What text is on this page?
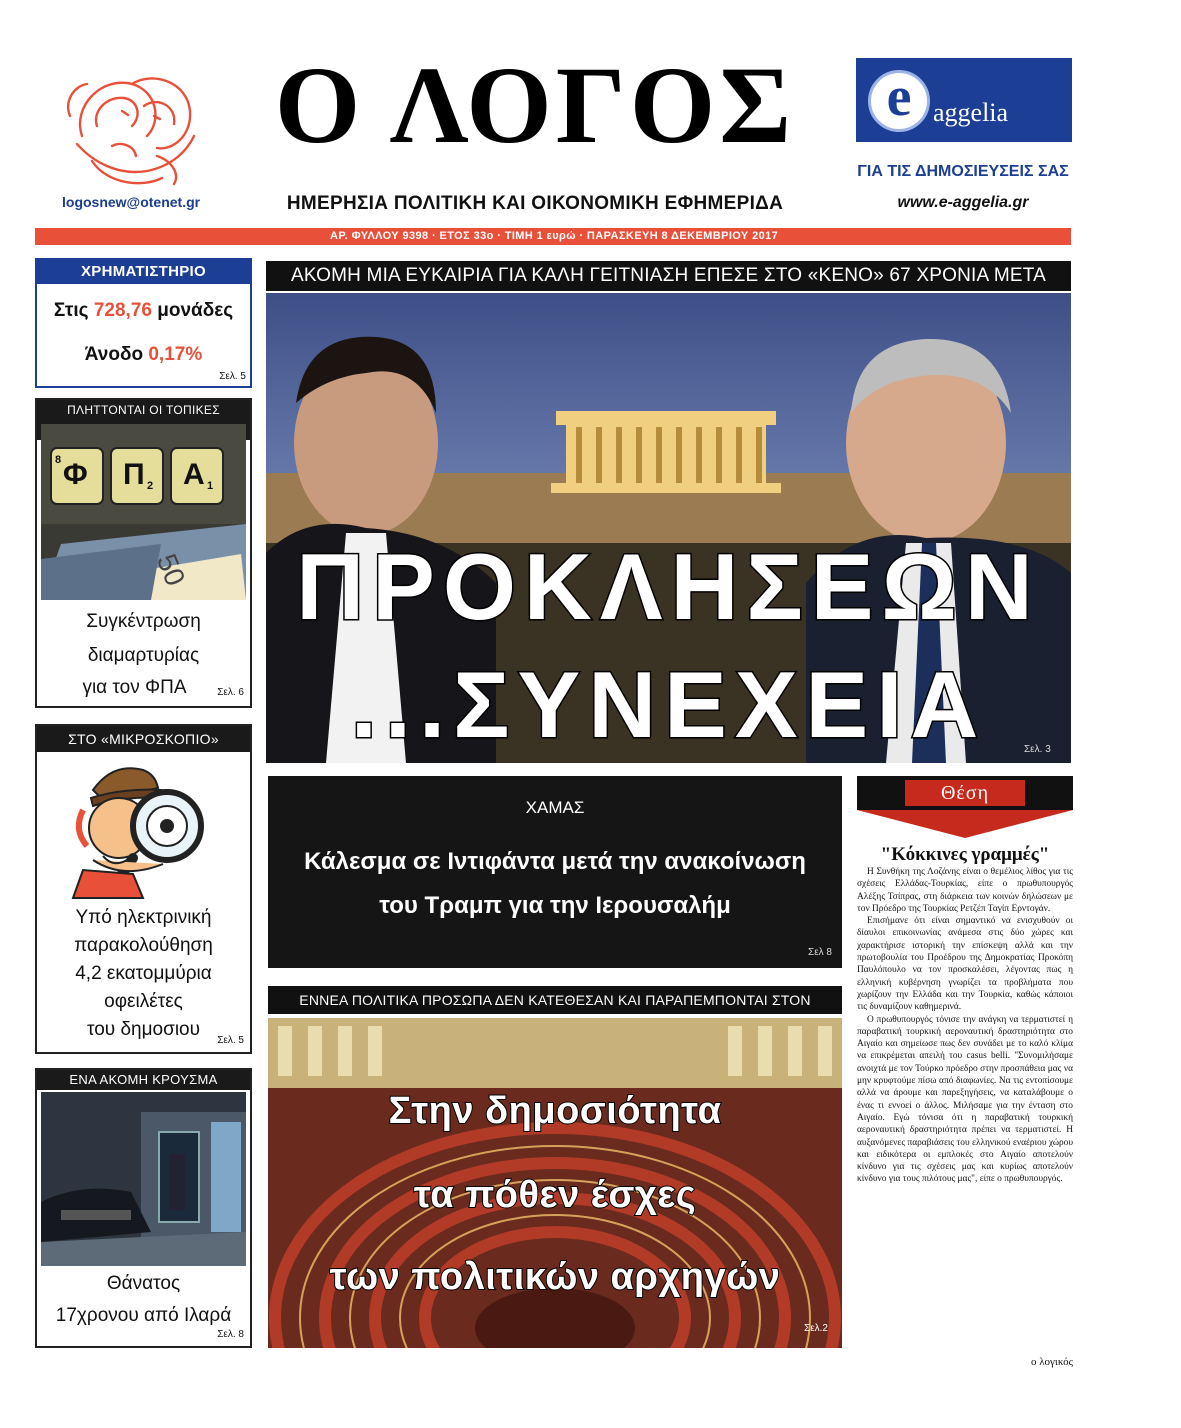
logosnew@otenet.gr
Ο ΛΟΓΟΣ
ΗΜΕΡΗΣΙΑ ΠΟΛΙΤΙΚΗ ΚΑΙ ΟΙΚΟΝΟΜΙΚΗ ΕΦΗΜΕΡΙΔΑ
e aggelia
ΓΙΑ ΤΙΣ ΔΗΜΟΣΙΕΥΣΕΙΣ ΣΑΣ
www.e-aggelia.gr
ΑΡ. ΦΥΛΛΟΥ 9398 · ΕΤΟΣ 33ο · ΤΙΜΗ 1 ευρώ · ΠΑΡΑΣΚΕΥΗ 8 ΔΕΚΕΜΒΡΙΟΥ 2017
ΧΡΗΜΑΤΙΣΤΗΡΙΟ
Στις 728,76 μονάδες
Άνοδο 0,17%
Σελ. 5
ΠΛΗΤΤΟΝΤΑΙ ΟΙ ΤΟΠΙΚΕΣ
Φ Π Α
8
2	1
50
Συγκέντρωση
διαμαρτυρίας
για τον ΦΠΑ	Σελ. 6
ΣΤΟ «ΜΙΚΡΟΣΚΟΠΙΟ»
Υπό ηλεκτρινική
παρακολούθηση
4,2 εκατομμύρια
οφειλέτες
του δημοσιου
Σελ. 5
ΕΝΑ ΑΚΟΜΗ ΚΡΟΥΣΜΑ
Θάνατος
17χρονου από Ιλαρά
Σελ. 8
ΑΚΟΜΗ ΜΙΑ ΕΥΚΑΙΡΙΑ ΓΙΑ ΚΑΛΗ ΓΕΙΤΝΙΑΣΗ ΕΠΕΣΕ ΣΤΟ «ΚΕΝΟ» 67 ΧΡΟΝΙΑ ΜΕΤΑ
ΠΡΟΚΛΗΣΕΩΝ
...ΣΥΝΕΧΕΙΑ	Σελ. 3
ΧΑΜΑΣ
Κάλεσμα σε Ιντιφάντα μετά την ανακοίνωση
του Τραμπ για την Ιερουσαλήμ
Σελ 8
ΕΝΝΕΑ ΠΟΛΙΤΙΚΑ ΠΡΟΣΩΠΑ ΔΕΝ ΚΑΤΕΘΕΣΑΝ ΚΑΙ ΠΑΡΑΠΕΜΠΟΝΤΑΙ ΣΤΟΝ
Στην δημοσιότητα
τα πόθεν έσχες
των πολιτικών αρχηγών
Σελ.2
Θέση
"Κόκκινες γραμμές"

Η Συνθήκη της Λοζάνης είναι ο θεμέλιος λίθος για τις σχέσεις Ελλάδας-Τουρκίας, είπε ο πρωθυπουργός Αλέξης Τσίπρας, στη διάρκεια των κοινών δηλώσεων με τον Πρόεδρο της Τουρκίας Ρετζέπ Ταγίπ Ερντογάν.

Επισήμανε ότι είναι σημαντικό να ενισχυθούν οι δίαυλοι επικοινωνίας ανάμεσα στις δύο χώρες και χαρακτήρισε ιστορική την επίσκεψη αλλά και την πρωτοβουλία του Προέδρου της Δημοκρατίας Προκόπη Παυλόπουλο να τον προσκαλέσει, λέγοντας πως η ελληνική κυβέρνηση γνωρίζει τα προβλήματα που χωρίζουν την Ελλάδα και την Τουρκία, καθώς κάποιοι τις δυναμίζουν καθημερινά.

Ο πρωθυπουργός τόνισε την ανάγκη να τερματιστεί η παραβατική τουρκική αεροναυτική δραστηριότητα στο Αιγαίο και σημείωσε πως δεν συνάδει με το καλό κλίμα να επικρέμεται απειλή του casus belli. "Συνομιλήσαμε ανοιχτά με τον Τούρκο πρόεδρο στην προσπάθεια μας να μην κρυφτούμε πίσω από διαφωνίες. Να τις εντοπίσουμε αλλά να άρουμε και παρεξηγήσεις, να καταλάβουμε ο ένας τι εννοεί ο άλλος. Μιλήσαμε για την ένταση στο Αιγαίο. Εγώ τόνισα ότι η παραβατική τουρκική αεροναυτική δραστηριότητα πρέπει να τερματιστεί. Η αυξανόμενες παραβιάσεις του ελληνικού εναέριου χώρου και ειδικότερα οι εμπλοκές στο Αιγαίο αποτελούν κίνδυνο για τις σχέσεις μας και κυρίως αποτελούν κίνδυνο για τους πιλότους μας", είπε ο πρωθυπουργός.

ο λογικός
